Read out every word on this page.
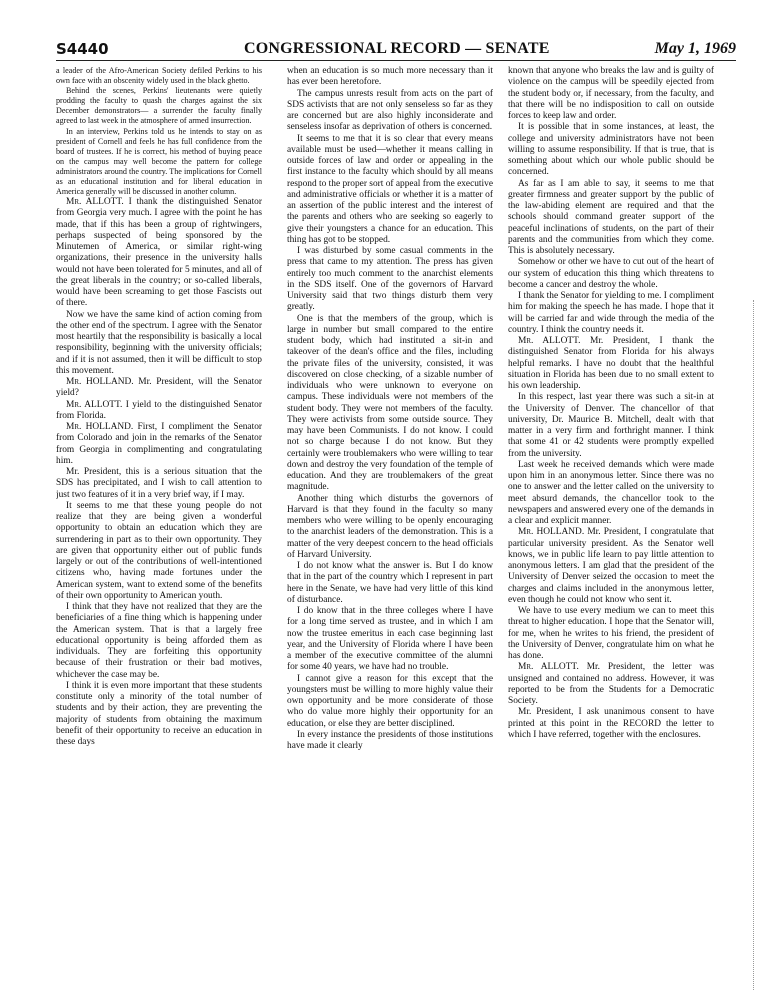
S4440	CONGRESSIONAL RECORD — SENATE	May 1, 1969

a leader of the Afro-American Society defiled Perkins to his own face with an obscenity widely used in the black ghetto.

Behind the scenes, Perkins' lieutenants were quietly prodding the faculty to quash the charges against the six December demonstrators— a surrender the faculty finally agreed to last week in the atmosphere of armed insurrection.

In an interview, Perkins told us he intends to stay on as president of Cornell and feels he has full confidence from the board of trustees. If he is correct, his method of buying peace on the campus may well become the pattern for college administrators around the country. The implications for Cornell as an educational institution and for liberal education in America generally will be discussed in another column.

Mr. ALLOTT. I thank the distinguished Senator from Georgia very much. I agree with the point he has made, that if this has been a group of rightwingers, perhaps suspected of being sponsored by the Minutemen of America, or similar right-wing organizations, their presence in the university halls would not have been tolerated for 5 minutes, and all of the great liberals in the country; or so-called liberals, would have been screaming to get those Fascists out of there.

Now we have the same kind of action coming from the other end of the spectrum. I agree with the Senator most heartily that the responsibility is basically a local responsibility, beginning with the university officials; and if it is not assumed, then it will be difficult to stop this movement.

Mr. HOLLAND. Mr. President, will the Senator yield?

Mr. ALLOTT. I yield to the distinguished Senator from Florida.

Mr. HOLLAND. First, I compliment the Senator from Colorado and join in the remarks of the Senator from Georgia in complimenting and congratulating him.

Mr. President, this is a serious situation that the SDS has precipitated, and I wish to call attention to just two features of it in a very brief way, if I may.

It seems to me that these young people do not realize that they are being given a wonderful opportunity to obtain an education which they are surrendering in part as to their own opportunity. They are given that opportunity either out of public funds largely or out of the contributions of well-intentioned citizens who, having made fortunes under the American system, want to extend some of the benefits of their own opportunity to American youth.

I think that they have not realized that they are the beneficiaries of a fine thing which is happening under the American system. That is that a largely free educational opportunity is being afforded them as individuals. They are forfeiting this opportunity because of their frustration or their bad motives, whichever the case may be.

I think it is even more important that these students constitute only a minority of the total number of students and by their action, they are preventing the majority of students from obtaining the maximum benefit of their opportunity to receive an education in these days

when an education is so much more necessary than it has ever been heretofore.

The campus unrests result from acts on the part of SDS activists that are not only senseless so far as they are concerned but are also highly inconsiderate and senseless insofar as deprivation of others is concerned.

It seems to me that it is so clear that every means available must be used—whether it means calling in outside forces of law and order or appealing in the first instance to the faculty which should by all means respond to the proper sort of appeal from the executive and administrative officials or whether it is a matter of an assertion of the public interest and the interest of the parents and others who are seeking so eagerly to give their youngsters a chance for an education. This thing has got to be stopped.

I was disturbed by some casual comments in the press that came to my attention. The press has given entirely too much comment to the anarchist elements in the SDS itself. One of the governors of Harvard University said that two things disturb them very greatly.

One is that the members of the group, which is large in number but small compared to the entire student body, which had instituted a sit-in and takeover of the dean's office and the files, including the private files of the university, consisted, it was discovered on close checking, of a sizable number of individuals who were unknown to everyone on campus. These individuals were not members of the student body. They were not members of the faculty. They were activists from some outside source. They may have been Communists. I do not know. I could not so charge because I do not know. But they certainly were troublemakers who were willing to tear down and destroy the very foundation of the temple of education. And they are troublemakers of the great magnitude.

Another thing which disturbs the governors of Harvard is that they found in the faculty so many members who were willing to be openly encouraging to the anarchist leaders of the demonstration. This is a matter of the very deepest concern to the head officials of Harvard University.

I do not know what the answer is. But I do know that in the part of the country which I represent in part here in the Senate, we have had very little of this kind of disturbance.

I do know that in the three colleges where I have for a long time served as trustee, and in which I am now the trustee emeritus in each case beginning last year, and the University of Florida where I have been a member of the executive committee of the alumni for some 40 years, we have had no trouble.

I cannot give a reason for this except that the youngsters must be willing to more highly value their own opportunity and be more considerate of those who do value more highly their opportunity for an education, or else they are better disciplined.

In every instance the presidents of those institutions have made it clearly

known that anyone who breaks the law and is guilty of violence on the campus will be speedily ejected from the student body or, if necessary, from the faculty, and that there will be no indisposition to call on outside forces to keep law and order.

It is possible that in some instances, at least, the college and university administrators have not been willing to assume responsibility. If that is true, that is something about which our whole public should be concerned.

As far as I am able to say, it seems to me that greater firmness and greater support by the public of the law-abiding element are required and that the schools should command greater support of the peaceful inclinations of students, on the part of their parents and the communities from which they come. This is absolutely necessary.

Somehow or other we have to cut out of the heart of our system of education this thing which threatens to become a cancer and destroy the whole.

I thank the Senator for yielding to me. I compliment him for making the speech he has made. I hope that it will be carried far and wide through the media of the country. I think the country needs it.

Mr. ALLOTT. Mr. President, I thank the distinguished Senator from Florida for his always helpful remarks. I have no doubt that the healthful situation in Florida has been due to no small extent to his own leadership.

In this respect, last year there was such a sit-in at the University of Denver. The chancellor of that university, Dr. Maurice B. Mitchell, dealt with that matter in a very firm and forthright manner. I think that some 41 or 42 students were promptly expelled from the university.

Last week he received demands which were made upon him in an anonymous letter. Since there was no one to answer and the letter called on the university to meet absurd demands, the chancellor took to the newspapers and answered every one of the demands in a clear and explicit manner.

Mr. HOLLAND. Mr. President, I congratulate that particular university president. As the Senator well knows, we in public life learn to pay little attention to anonymous letters. I am glad that the president of the University of Denver seized the occasion to meet the charges and claims included in the anonymous letter, even though he could not know who sent it.

We have to use every medium we can to meet this threat to higher education. I hope that the Senator will, for me, when he writes to his friend, the president of the University of Denver, congratulate him on what he has done.

Mr. ALLOTT. Mr. President, the letter was unsigned and contained no address. However, it was reported to be from the Students for a Democratic Society.

Mr. President, I ask unanimous consent to have printed at this point in the RECORD the letter to which I have referred, together with the enclosures.
